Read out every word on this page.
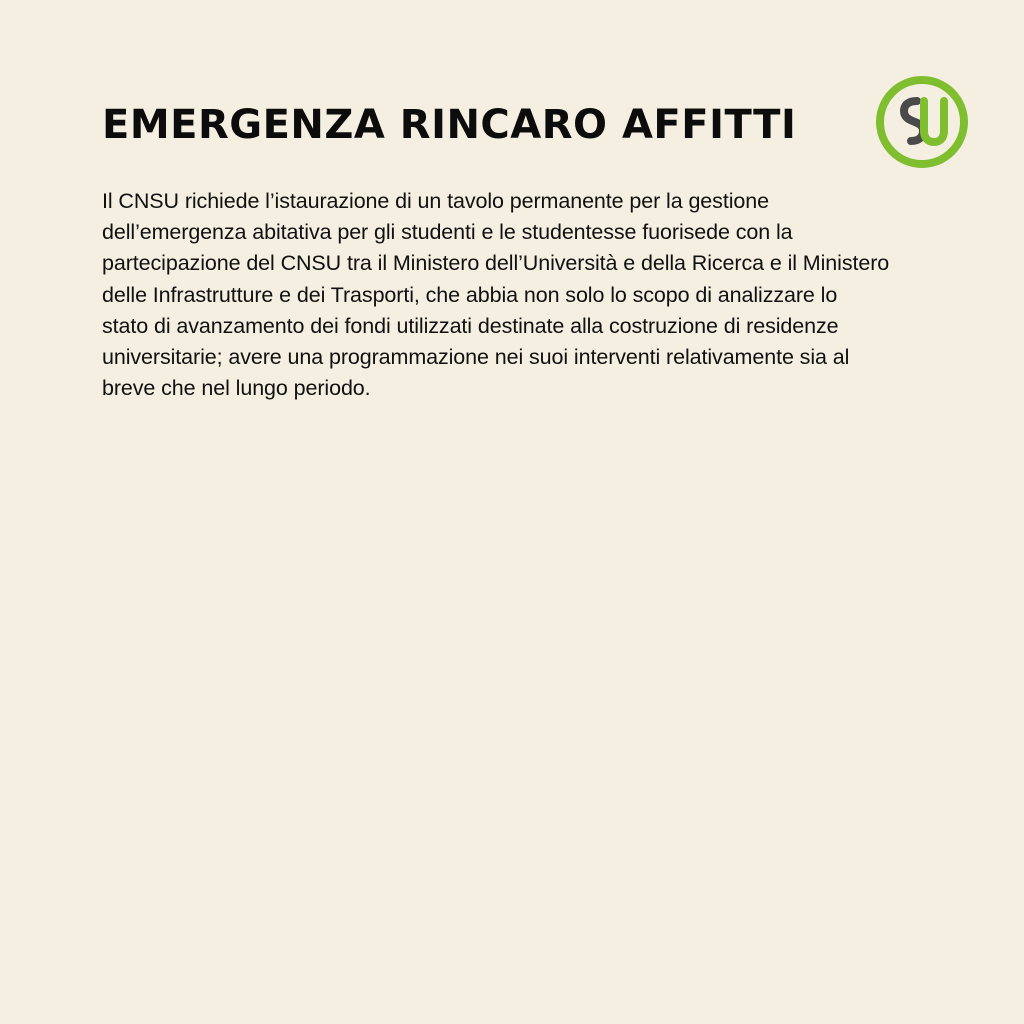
EMERGENZA RINCARO AFFITTI

Il CNSU richiede l’istaurazione di un tavolo permanente per la gestione
dell’emergenza abitativa per gli studenti e le studentesse fuorisede con la
partecipazione del CNSU tra il Ministero dell’Università e della Ricerca e il Ministero
delle Infrastrutture e dei Trasporti, che abbia non solo lo scopo di analizzare lo
stato di avanzamento dei fondi utilizzati destinate alla costruzione di residenze
universitarie; avere una programmazione nei suoi interventi relativamente sia al
breve che nel lungo periodo.
